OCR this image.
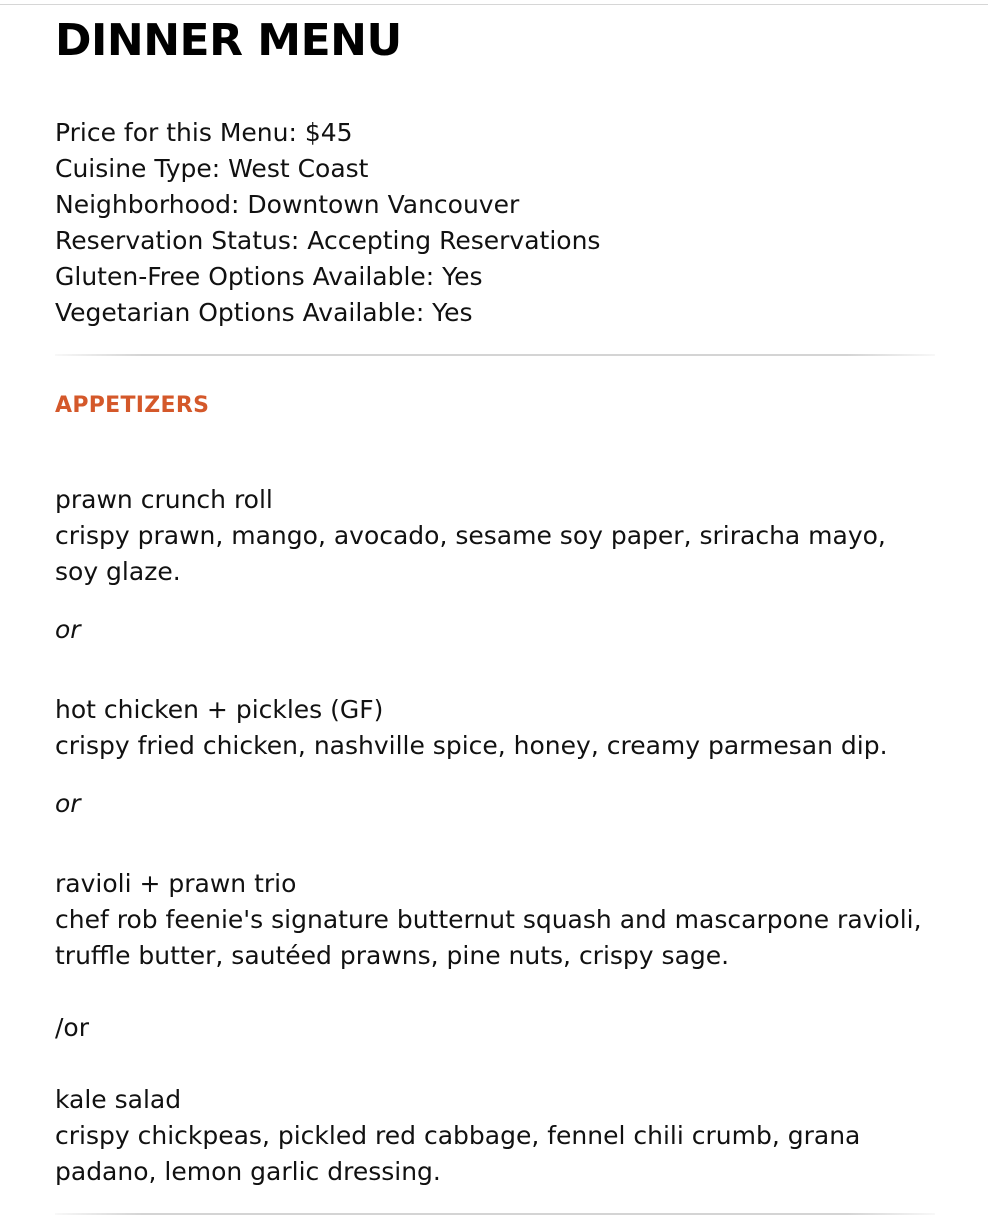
DINNER MENU
Price for this Menu: $45
Cuisine Type: West Coast
Neighborhood: Downtown Vancouver
Reservation Status: Accepting Reservations
Gluten-Free Options Available: Yes
Vegetarian Options Available: Yes
APPETIZERS
prawn crunch roll
crispy prawn, mango, avocado, sesame soy paper, sriracha mayo, soy glaze.
or
hot chicken + pickles (GF)
crispy fried chicken, nashville spice, honey, creamy parmesan dip.
or
ravioli + prawn trio
chef rob feenie's signature butternut squash and mascarpone ravioli, truffle butter, sautéed prawns, pine nuts, crispy sage.
/or
kale salad
crispy chickpeas, pickled red cabbage, fennel chili crumb, grana padano, lemon garlic dressing.
